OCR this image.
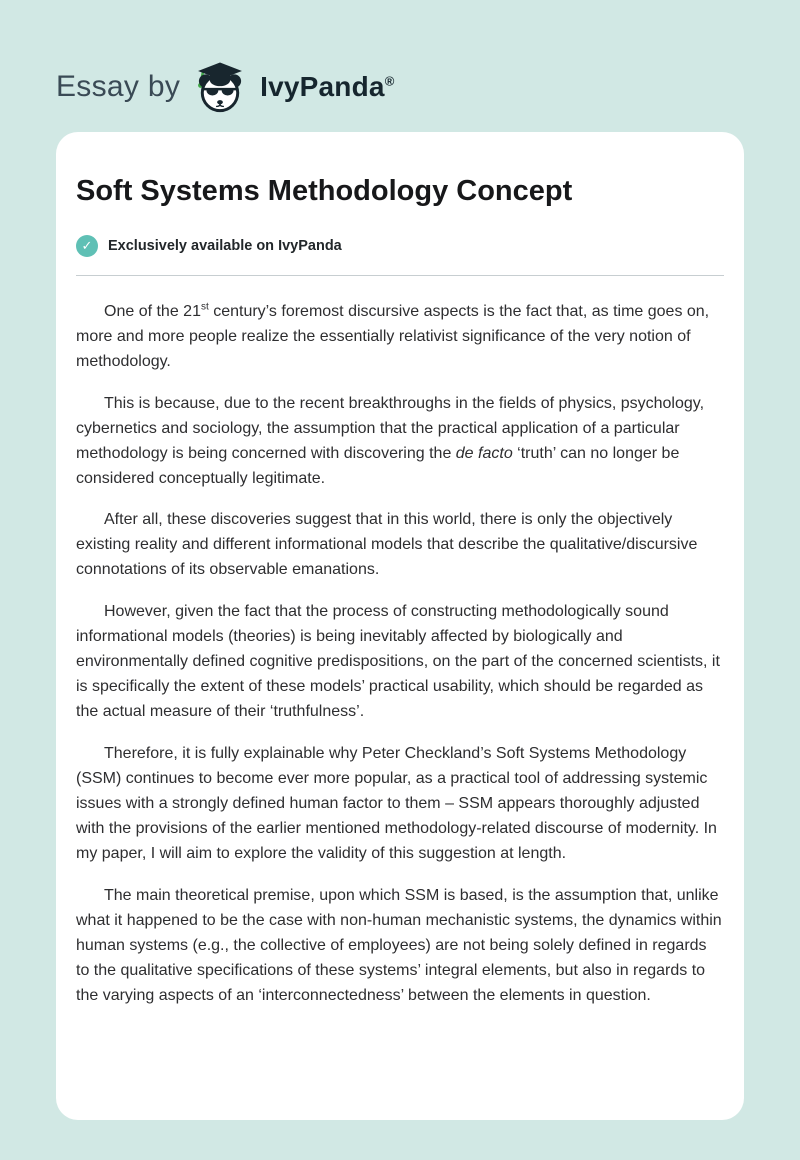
Essay by	IvyPanda®
Soft Systems Methodology Concept
✓	Exclusively available on IvyPanda

One of the 21st century’s foremost discursive aspects is the fact that, as time goes on, more and more people realize the essentially relativist significance of the very notion of methodology.

This is because, due to the recent breakthroughs in the fields of physics, psychology, cybernetics and sociology, the assumption that the practical application of a particular methodology is being concerned with discovering the de facto ‘truth’ can no longer be considered conceptually legitimate.

After all, these discoveries suggest that in this world, there is only the objectively existing reality and different informational models that describe the qualitative/discursive connotations of its observable emanations.

However, given the fact that the process of constructing methodologically sound informational models (theories) is being inevitably affected by biologically and environmentally defined cognitive predispositions, on the part of the concerned scientists, it is specifically the extent of these models’ practical usability, which should be regarded as the actual measure of their ‘truthfulness’.

Therefore, it is fully explainable why Peter Checkland’s Soft Systems Methodology (SSM) continues to become ever more popular, as a practical tool of addressing systemic issues with a strongly defined human factor to them – SSM appears thoroughly adjusted with the provisions of the earlier mentioned methodology-related discourse of modernity. In my paper, I will aim to explore the validity of this suggestion at length.

The main theoretical premise, upon which SSM is based, is the assumption that, unlike what it happened to be the case with non-human mechanistic systems, the dynamics within human systems (e.g., the collective of employees) are not being solely defined in regards to the qualitative specifications of these systems’ integral elements, but also in regards to the varying aspects of an ‘interconnectedness’ between the elements in question.
